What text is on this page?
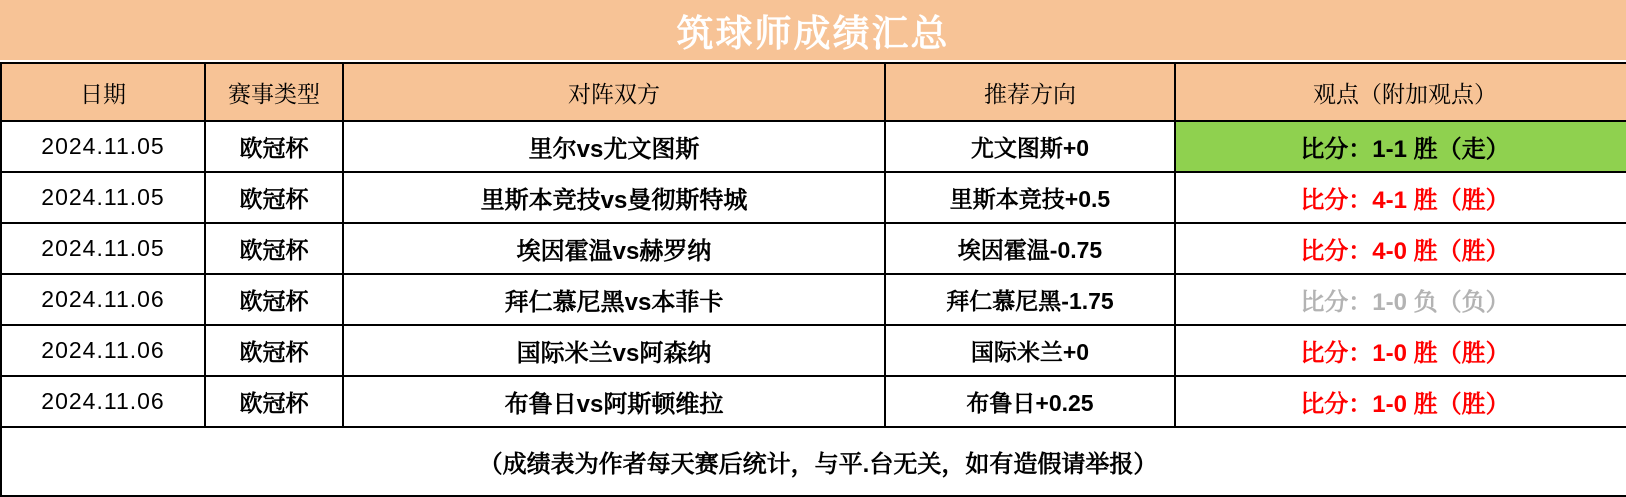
筑球师成绩汇总
日期	赛事类型	对阵双方	推荐方向	观点（附加观点）
2024.11.05	欧冠杯	里尔vs尤文图斯	尤文图斯+0	比分：1-1 胜（走）
2024.11.05	欧冠杯	里斯本竞技vs曼彻斯特城	里斯本竞技+0.5	比分：4-1 胜（胜）
2024.11.05	欧冠杯	埃因霍温vs赫罗纳	埃因霍温-0.75	比分：4-0 胜（胜）
2024.11.06	欧冠杯	拜仁慕尼黑vs本菲卡	拜仁慕尼黑-1.75	比分：1-0 负（负）
2024.11.06	欧冠杯	国际米兰vs阿森纳	国际米兰+0	比分：1-0 胜（胜）
2024.11.06	欧冠杯	布鲁日vs阿斯顿维拉	布鲁日+0.25	比分：1-0 胜（胜）
（成绩表为作者每天赛后统计，与平.台无关，如有造假请举报）				
